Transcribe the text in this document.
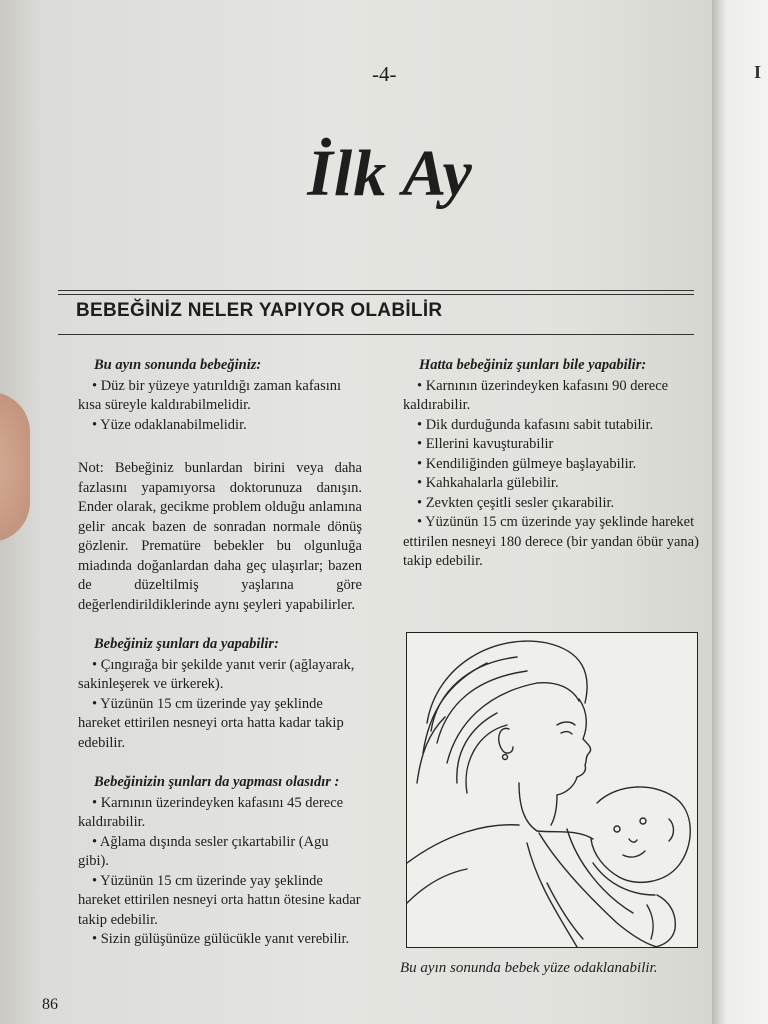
I
-4-
İlk Ay
BEBEĞİNİZ NELER YAPIYOR OLABİLİR

Bu ayın sonunda bebeğiniz:

• Düz bir yüzeye yatırıldığı zaman kafasını kısa süreyle kaldırabilmelidir.

• Yüze odaklanabilmelidir.

Not: Bebeğiniz bunlardan birini veya daha fazlasını yapamıyorsa doktorunuza danışın. Ender olarak, gecikme problem olduğu anlamına gelir ancak bazen de sonradan normale dönüş gözlenir. Prematüre bebekler bu olgunluğa miadında doğanlardan daha geç ulaşırlar; bazen de düzeltilmiş yaşlarına göre değerlendirildiklerinde aynı şeyleri yapabilirler.

Bebeğiniz şunları da yapabilir:

• Çıngırağa bir şekilde yanıt verir (ağlayarak, sakinleşerek ve ürkerek).

• Yüzünün 15 cm üzerinde yay şeklinde hareket ettirilen nesneyi orta hatta kadar takip edebilir.

Bebeğinizin şunları da yapması olasıdır :

• Karnının üzerindeyken kafasını 45 derece kaldırabilir.

• Ağlama dışında sesler çıkartabilir (Agu gibi).

• Yüzünün 15 cm üzerinde yay şeklinde hareket ettirilen nesneyi orta hattın ötesine kadar takip edebilir.

• Sizin gülüşünüze gülücükle yanıt verebilir.

Hatta bebeğiniz şunları bile yapabilir:

• Karnının üzerindeyken kafasını 90 derece kaldırabilir.

• Dik durduğunda kafasını sabit tutabilir.

• Ellerini kavuşturabilir

• Kendiliğinden gülmeye başlayabilir.

• Kahkahalarla gülebilir.

• Zevkten çeşitli sesler çıkarabilir.

• Yüzünün 15 cm üzerinde yay şeklinde hareket ettirilen nesneyi 180 derece (bir yandan öbür yana) takip edebilir.

Bu ayın sonunda bebek yüze odaklanabilir.
86
